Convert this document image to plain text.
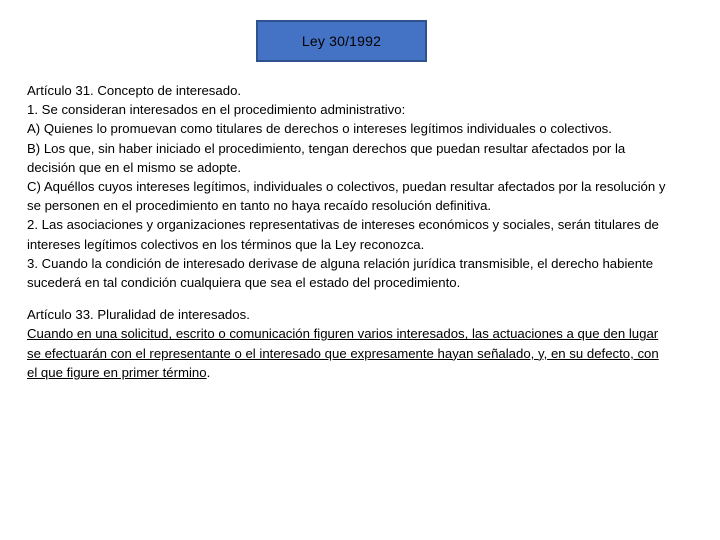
Ley 30/1992

Artículo 31. Concepto de interesado.

1. Se consideran interesados en el procedimiento administrativo:

A) Quienes lo promuevan como titulares de derechos o intereses legítimos individuales o colectivos.

B) Los que, sin haber iniciado el procedimiento, tengan derechos que puedan resultar afectados por la decisión que en el mismo se adopte.

C) Aquéllos cuyos intereses legítimos, individuales o colectivos, puedan resultar afectados por la resolución y se personen en el procedimiento en tanto no haya recaído resolución definitiva.

2. Las asociaciones y organizaciones representativas de intereses económicos y sociales, serán titulares de intereses legítimos colectivos en los términos que la Ley reconozca.

3. Cuando la condición de interesado derivase de alguna relación jurídica transmisible, el derecho habiente sucederá en tal condición cualquiera que sea el estado del procedimiento.

Artículo 33. Pluralidad de interesados.

Cuando en una solicitud, escrito o comunicación figuren varios interesados, las actuaciones a que den lugar se efectuarán con el representante o el interesado que expresamente hayan señalado, y, en su defecto, con el que figure en primer término.
